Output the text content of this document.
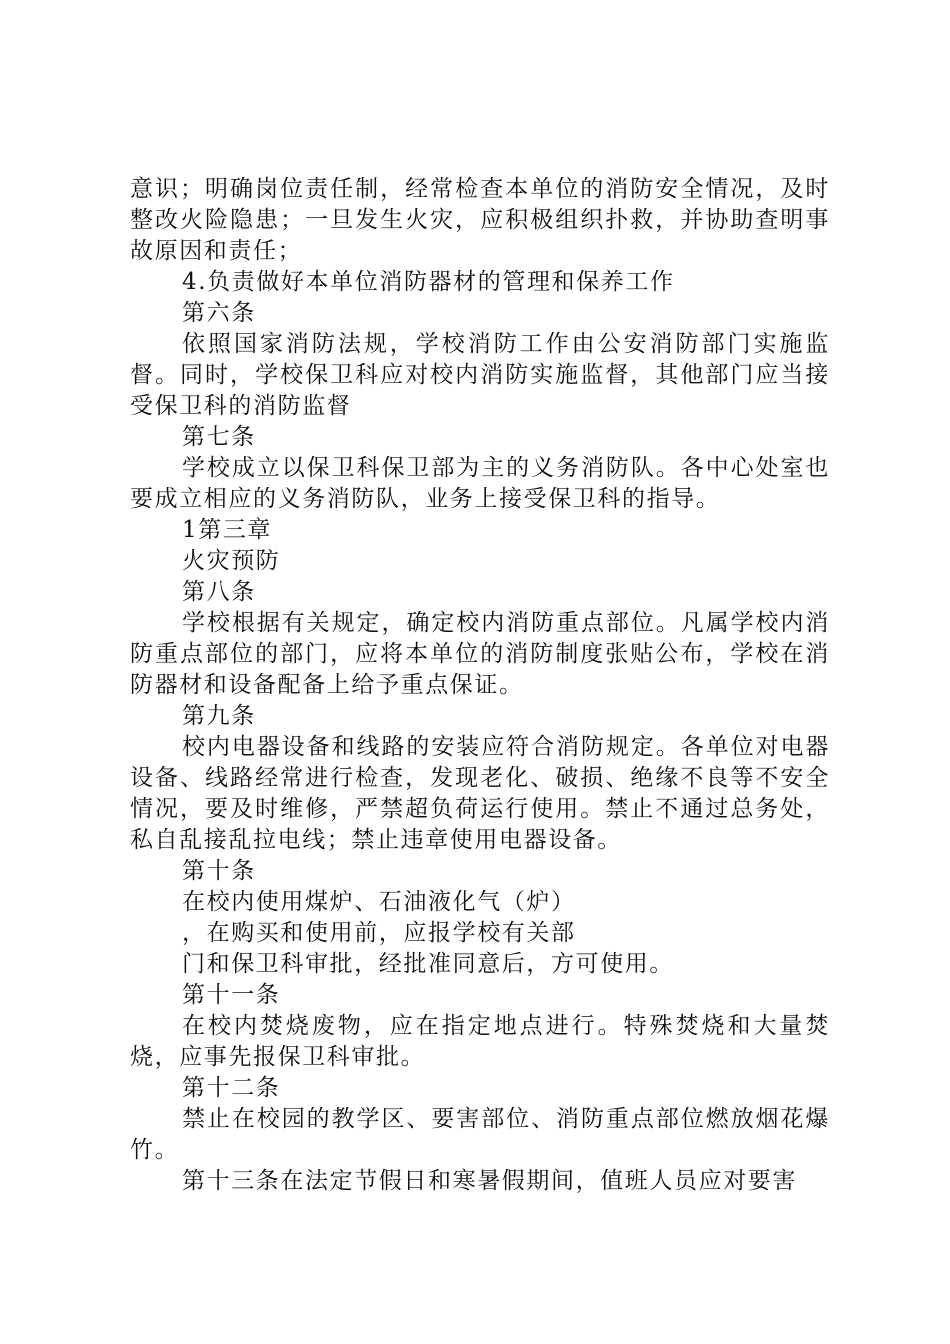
意识；明确岗位责任制，经常检查本单位的消防安全情况，及时整改火险隐患；一旦发生火灾，应积极组织扑救，并协助查明事故原因和责任；

4.负责做好本单位消防器材的管理和保养工作

第六条

依照国家消防法规，学校消防工作由公安消防部门实施监督。同时，学校保卫科应对校内消防实施监督，其他部门应当接受保卫科的消防监督

第七条

学校成立以保卫科保卫部为主的义务消防队。各中心处室也要成立相应的义务消防队，业务上接受保卫科的指导。

1第三章

火灾预防

第八条

学校根据有关规定，确定校内消防重点部位。凡属学校内消防重点部位的部门，应将本单位的消防制度张贴公布，学校在消防器材和设备配备上给予重点保证。

第九条

校内电器设备和线路的安装应符合消防规定。各单位对电器设备、线路经常进行检查，发现老化、破损、绝缘不良等不安全情况，要及时维修，严禁超负荷运行使用。禁止不通过总务处，私自乱接乱拉电线；禁止违章使用电器设备。

第十条

在校内使用煤炉、石油液化气（炉）

，在购买和使用前，应报学校有关部

门和保卫科审批，经批准同意后，方可使用。

第十一条

在校内焚烧废物，应在指定地点进行。特殊焚烧和大量焚烧，应事先报保卫科审批。

第十二条

禁止在校园的教学区、要害部位、消防重点部位燃放烟花爆竹。

第十三条在法定节假日和寒暑假期间，值班人员应对要害
